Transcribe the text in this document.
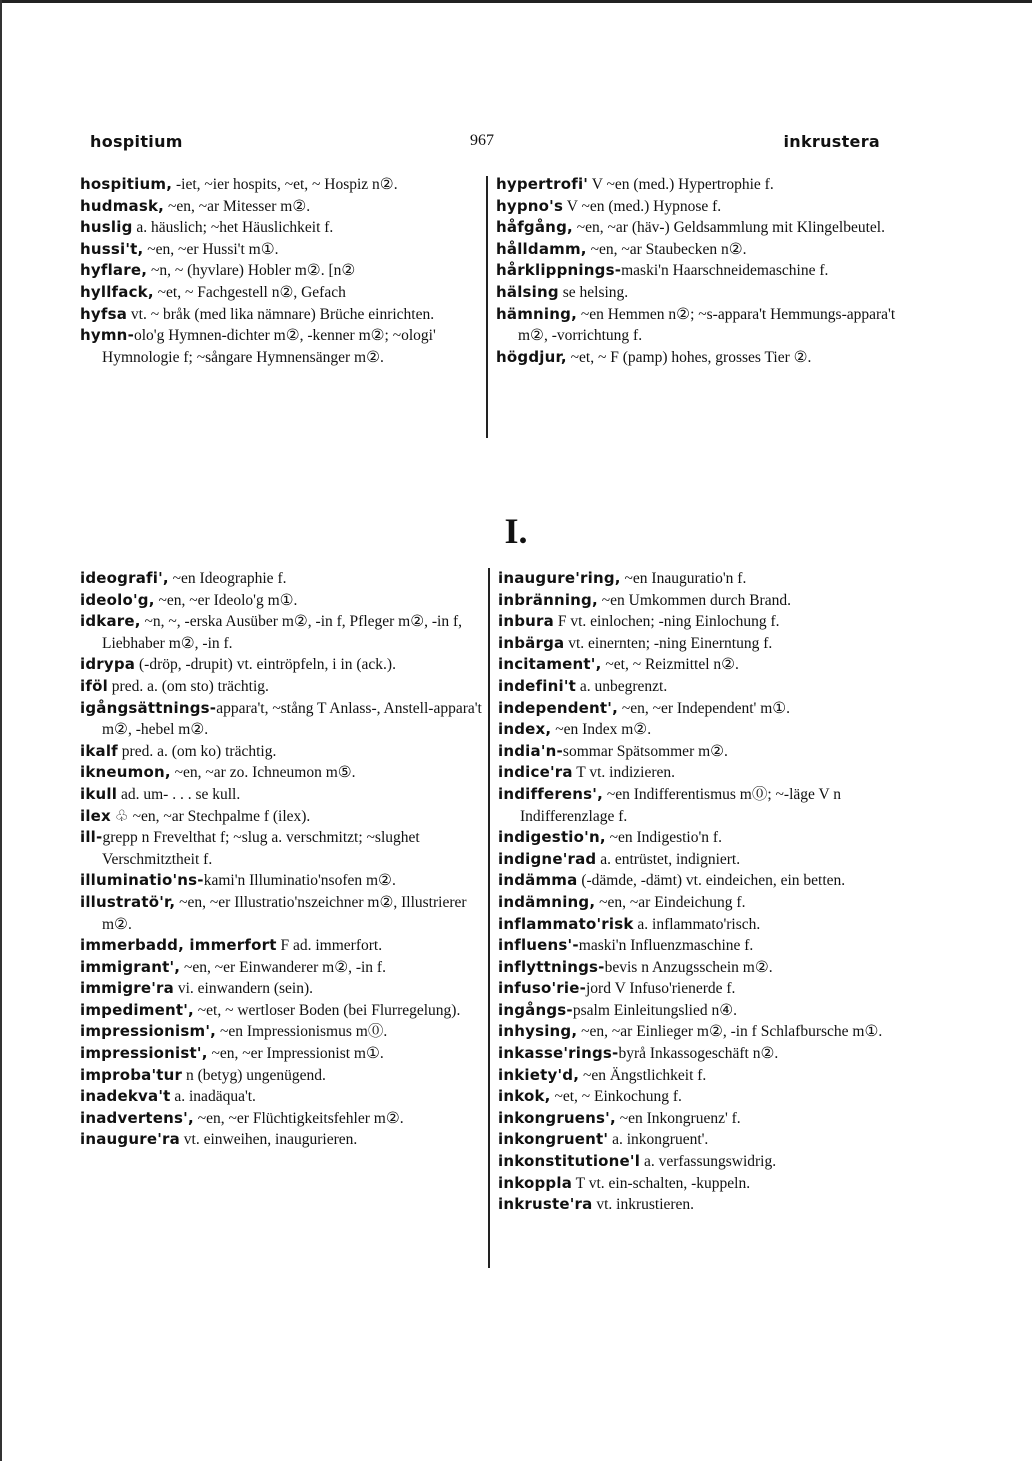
hospitium	967	inkrustera

hospitium, -iet, ~ier hospits, ~et, ~ Hospiz n②.

hudmask, ~en, ~ar Mitesser m②.

huslig a. häuslich; ~het Häuslichkeit f.

hussi't, ~en, ~er Hussi't m①.

hyflare, ~n, ~ (hyvlare) Hobler m②. [n②

hyllfack, ~et, ~ Fachgestell n②, Gefach

hyfsa vt. ~ bråk (med lika nämnare) Brüche einrichten.

hymn-olo'g Hymnen-dichter m②, -kenner m②; ~ologi' Hymnologie f; ~sångare Hymnensänger m②.

hypertrofi' V ~en (med.) Hypertrophie f.

hypno's V ~en (med.) Hypnose f.

håfgång, ~en, ~ar (häv-) Geldsammlung mit Klingelbeutel.

hålldamm, ~en, ~ar Staubecken n②.

hårklippnings-maski'n Haarschneidemaschine f.

hälsing se helsing.

hämning, ~en Hemmen n②; ~s-appara't Hemmungs-appara't m②, -vorrichtung f.

högdjur, ~et, ~ F (pamp) hohes, grosses Tier ②.

I.

ideografi', ~en Ideographie f.

ideolo'g, ~en, ~er Ideolo'g m①.

idkare, ~n, ~, -erska Ausüber m②, -in f, Pfleger m②, -in f, Liebhaber m②, -in f.

idrypa (-dröp, -drupit) vt. eintröpfeln, i in (ack.).

iföl pred. a. (om sto) trächtig.

igångsättnings-appara't, ~stång T Anlass-, Anstell-appara't m②, -hebel m②.

ikalf pred. a. (om ko) trächtig.

ikneumon, ~en, ~ar zo. Ichneumon m⑤.

ikull ad. um- . . . se kull.

ilex ♧ ~en, ~ar Stechpalme f (ilex).

ill-grepp n Frevelthat f; ~slug a. verschmitzt; ~slughet Verschmitztheit f.

illuminatio'ns-kami'n Illuminatio'nsofen m②.

illustratö'r, ~en, ~er Illustratio'nszeichner m②, Illustrierer m②.

immerbadd, immerfort F ad. immerfort.

immigrant', ~en, ~er Einwanderer m②, -in f.

immigre'ra vi. einwandern (sein).

impediment', ~et, ~ wertloser Boden (bei Flurregelung).

impressionism', ~en Impressionismus m⓪.

impressionist', ~en, ~er Impressionist m①.

improba'tur n (betyg) ungenügend.

inadekva't a. inadäqua't.

inadvertens', ~en, ~er Flüchtigkeitsfehler m②.

inaugure'ra vt. einweihen, inaugurieren.

inaugure'ring, ~en Inauguratio'n f.

inbränning, ~en Umkommen durch Brand.

inbura F vt. einlochen; -ning Einlochung f.

inbärga vt. einernten; -ning Einerntung f.

incitament', ~et, ~ Reizmittel n②.

indefini't a. unbegrenzt.

independent', ~en, ~er Independent' m①.

index, ~en Index m②.

india'n-sommar Spätsommer m②.

indice'ra T vt. indizieren.

indifferens', ~en Indifferentismus m⓪; ~-läge V n Indifferenzlage f.

indigestio'n, ~en Indigestio'n f.

indigne'rad a. entrüstet, indigniert.

indämma (-dämde, -dämt) vt. eindeichen, ein betten.

indämning, ~en, ~ar Eindeichung f.

inflammato'risk a. inflammato'risch.

influens'-maski'n Influenzmaschine f.

inflyttnings-bevis n Anzugsschein m②.

infuso'rie-jord V Infuso'rienerde f.

ingångs-psalm Einleitungslied n④.

inhysing, ~en, ~ar Einlieger m②, -in f Schlafbursche m①.

inkasse'rings-byrå Inkassogeschäft n②.

inkiety'd, ~en Ängstlichkeit f.

inkok, ~et, ~ Einkochung f.

inkongruens', ~en Inkongruenz' f.

inkongruent' a. inkongruent'.

inkonstitutione'l a. verfassungswidrig.

inkoppla T vt. ein-schalten, -kuppeln.

inkruste'ra vt. inkrustieren.
